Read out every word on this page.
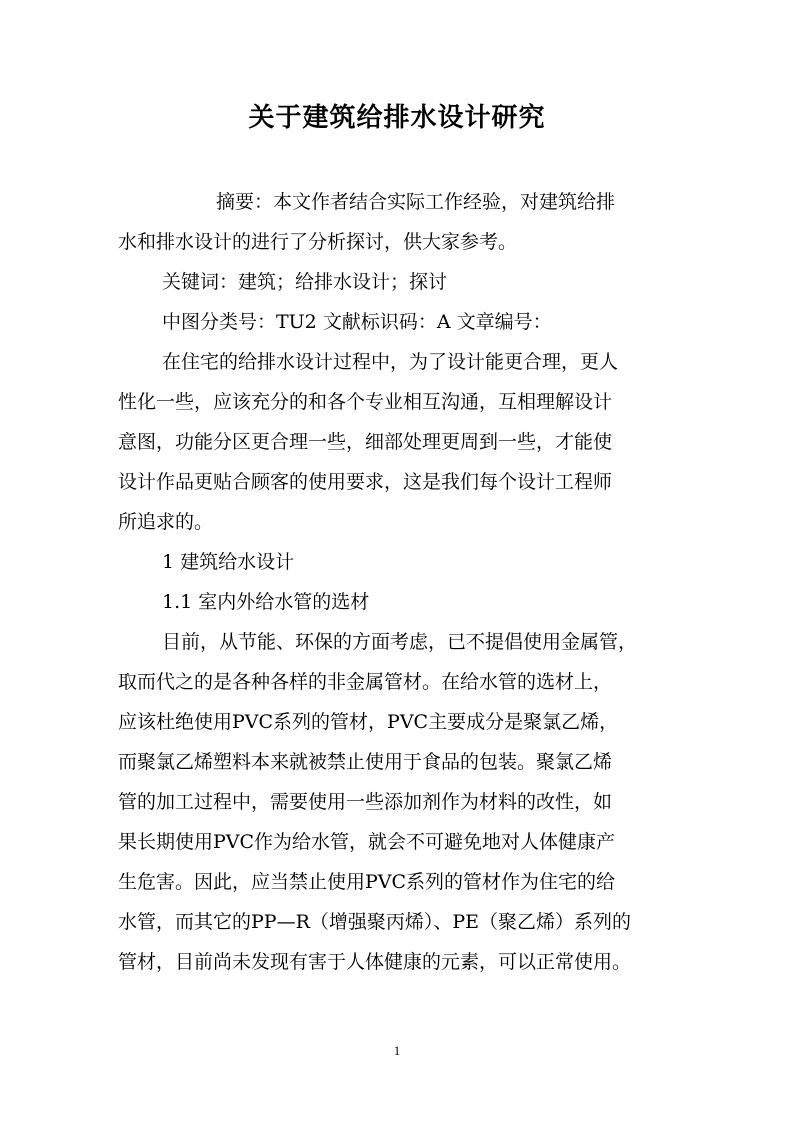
关于建筑给排水设计研究

摘要：本文作者结合实际工作经验，对建筑给排

水和排水设计的进行了分析探讨，供大家参考。

关键词：建筑；给排水设计；探讨

中图分类号：TU2 文献标识码：A 文章编号：

在住宅的给排水设计过程中，为了设计能更合理，更人

性化一些，应该充分的和各个专业相互沟通，互相理解设计

意图，功能分区更合理一些，细部处理更周到一些，才能使

设计作品更贴合顾客的使用要求，这是我们每个设计工程师

所追求的。

1 建筑给水设计

1.1 室内外给水管的选材

目前，从节能、环保的方面考虑，已不提倡使用金属管，

取而代之的是各种各样的非金属管材。在给水管的选材上，

应该杜绝使用PVC系列的管材，PVC主要成分是聚氯乙烯，

而聚氯乙烯塑料本来就被禁止使用于食品的包装。聚氯乙烯

管的加工过程中，需要使用一些添加剂作为材料的改性，如

果长期使用PVC作为给水管，就会不可避免地对人体健康产

生危害。因此，应当禁止使用PVC系列的管材作为住宅的给

水管，而其它的PP—R（增强聚丙烯）、PE（聚乙烯）系列的

管材，目前尚未发现有害于人体健康的元素，可以正常使用。

1
